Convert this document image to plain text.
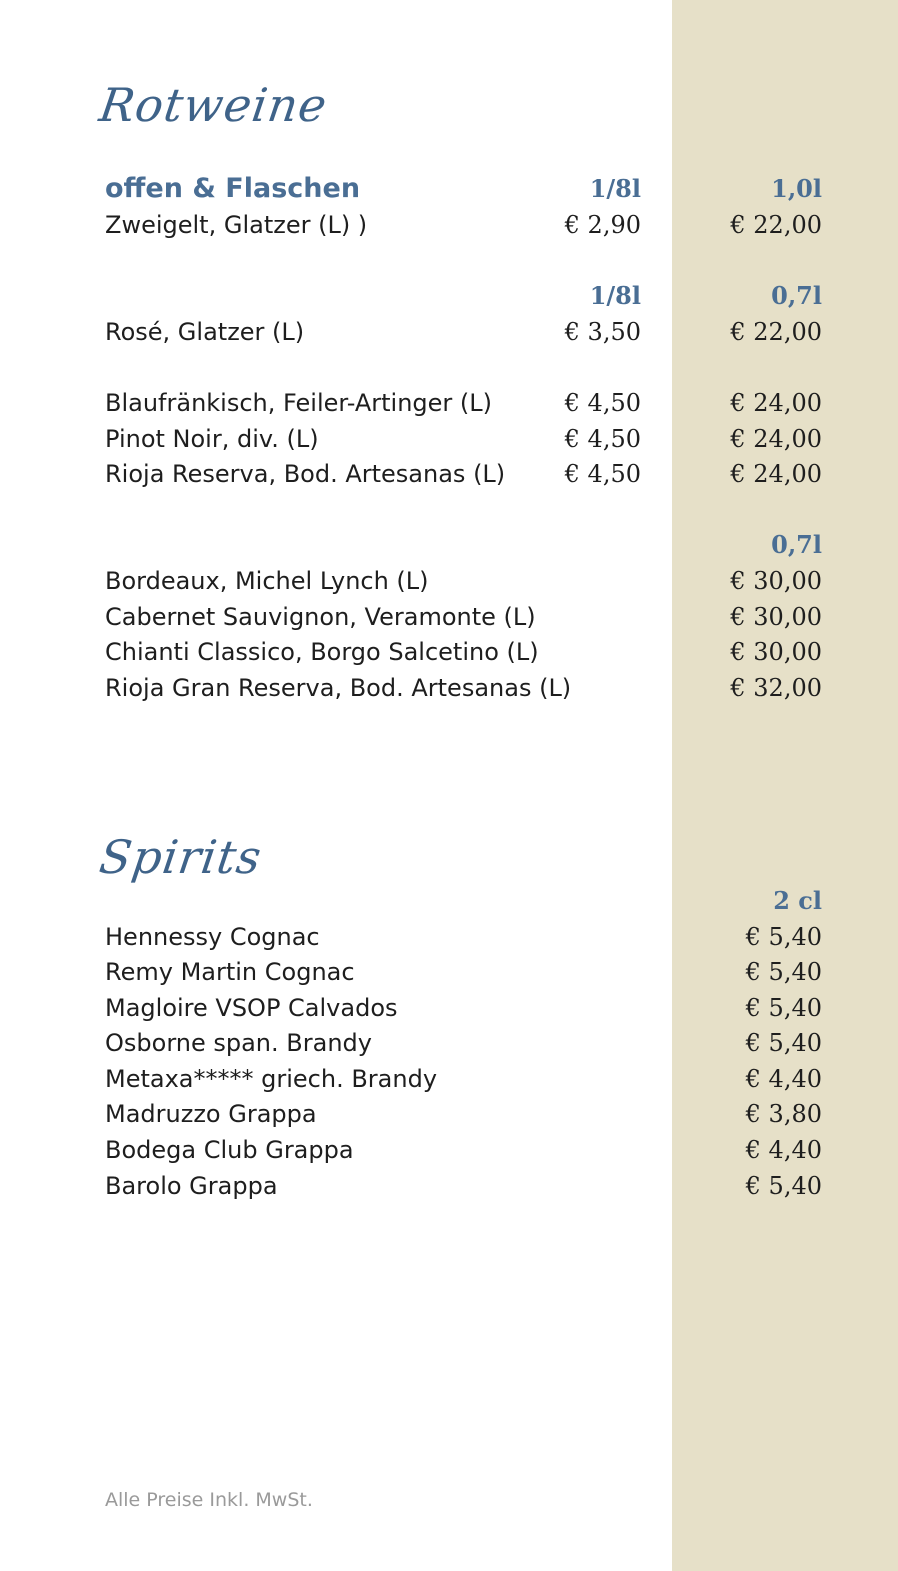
Rotweine
offen & Flaschen	1/8l	1,0l
Zweigelt, Glatzer (L) )	€ 2,90	€ 22,00
1/8l	0,7l
Rosé, Glatzer (L)	€ 3,50	€ 22,00
Blaufränkisch, Feiler-Artinger (L)	€ 4,50	€ 24,00
Pinot Noir, div. (L)	€ 4,50	€ 24,00
Rioja Reserva, Bod. Artesanas (L) € 4,50	€ 24,00
0,7l
Bordeaux, Michel Lynch (L)	€ 30,00
Cabernet Sauvignon, Veramonte (L)	€ 30,00
Chianti Classico, Borgo Salcetino (L)	€ 30,00
Rioja Gran Reserva, Bod. Artesanas (L)	€ 32,00
Spirits
2 cl
Hennessy Cognac	€ 5,40
Remy Martin Cognac	€ 5,40
Magloire VSOP Calvados	€ 5,40
Osborne span. Brandy	€ 5,40
Metaxa***** griech. Brandy	€ 4,40
Madruzzo Grappa	€ 3,80
Bodega Club Grappa	€ 4,40
Barolo Grappa	€ 5,40
Alle Preise Inkl. MwSt.
